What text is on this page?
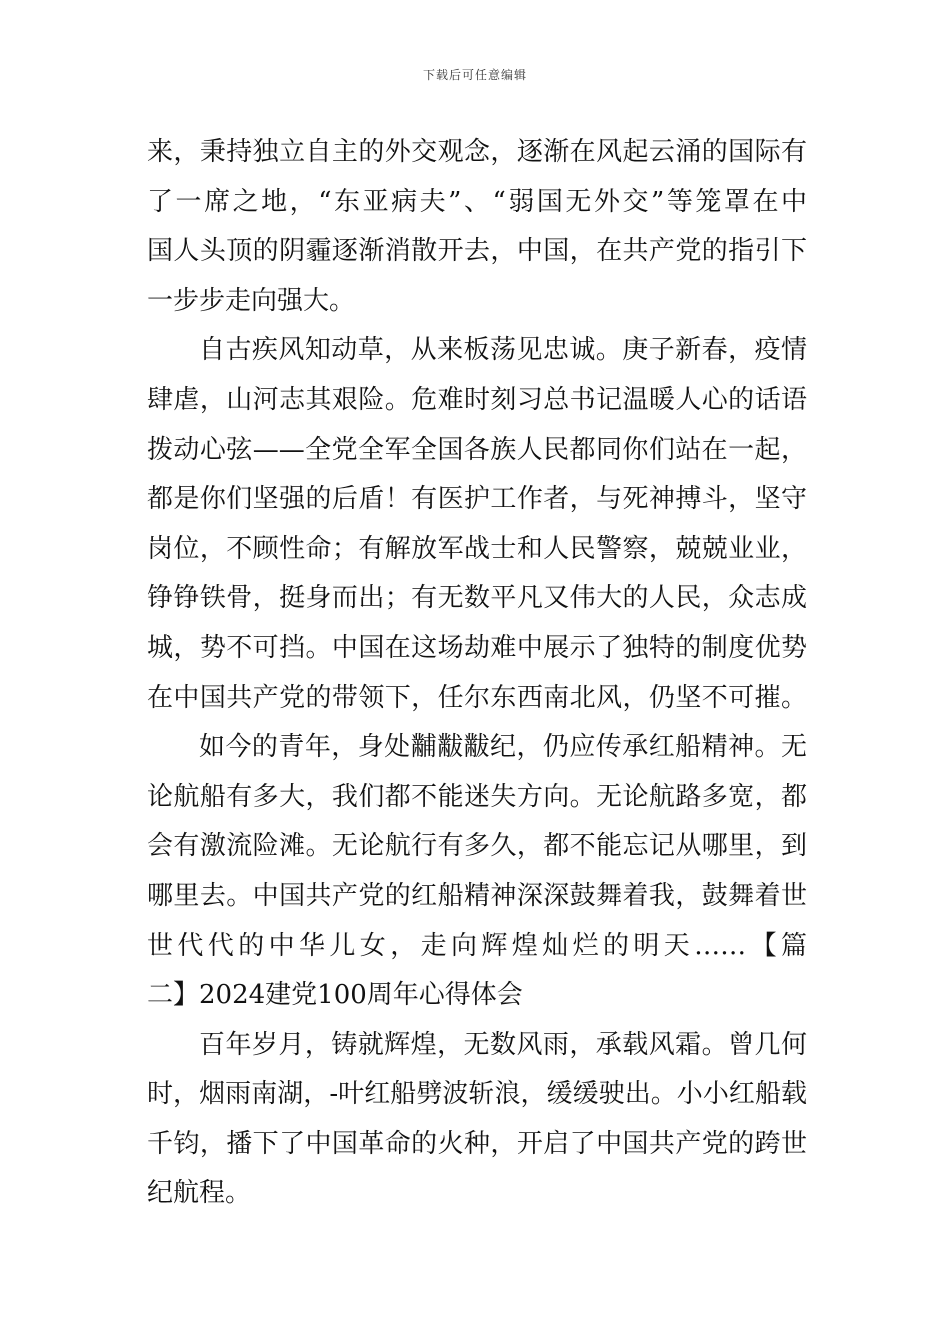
下载后可任意编辑
来，秉持独立自主的外交观念，逐渐在风起云涌的国际有
了一席之地，“东亚病夫”、“弱国无外交”等笼罩在中
国人头顶的阴霾逐渐消散开去，中国，在共产党的指引下
一步步走向强大。
自古疾风知动草，从来板荡见忠诚。庚子新春，疫情
肆虐，山河志其艰险。危难时刻习总书记温暖人心的话语
拨动心弦——全党全军全国各族人民都同你们站在一起，
都是你们坚强的后盾！有医护工作者，与死神搏斗，坚守
岗位，不顾性命；有解放军战士和人民警察，兢兢业业，
铮铮铁骨，挺身而出；有无数平凡又伟大的人民，众志成
城，势不可挡。中国在这场劫难中展示了独特的制度优势
在中国共产党的带领下，任尔东西南北风，仍坚不可摧。
如今的青年，身处黼黻黻纪，仍应传承红船精神。无
论航船有多大，我们都不能迷失方向。无论航路多宽，都
会有激流险滩。无论航行有多久，都不能忘记从哪里，到
哪里去。中国共产党的红船精神深深鼓舞着我，鼓舞着世
世代代的中华儿女，走向辉煌灿烂的明天……【篇
二】2024建党100周年心得体会
百年岁月，铸就辉煌，无数风雨，承载风霜。曾几何
时，烟雨南湖，-叶红船劈波斩浪，缓缓驶出。小小红船载
千钧，播下了中国革命的火种，开启了中国共产党的跨世
纪航程。
